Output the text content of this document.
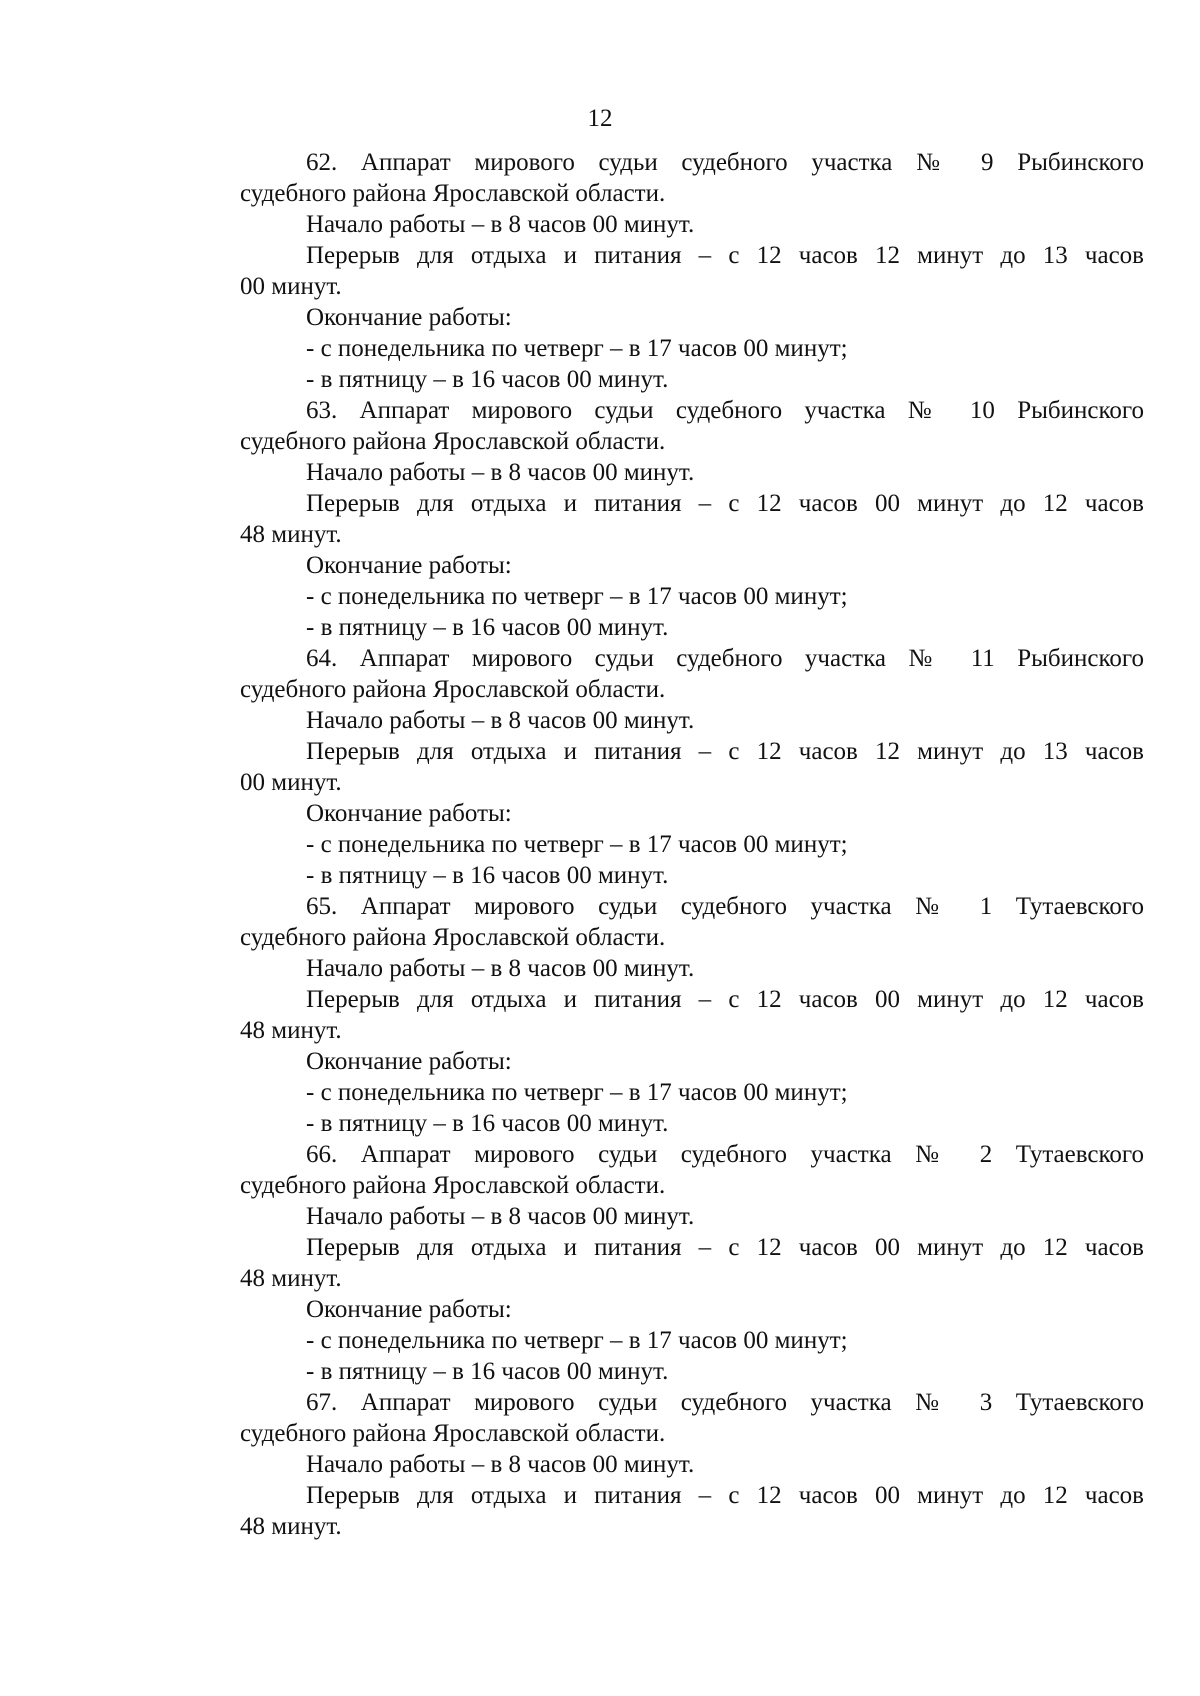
12
62. Аппарат мирового судьи судебного участка № 9 Рыбинского
судебного района Ярославской области.
Начало работы – в 8 часов 00 минут.
Перерыв для отдыха и питания – с 12 часов 12 минут до 13 часов
00 минут.
Окончание работы:
- с понедельника по четверг – в 17 часов 00 минут;
- в пятницу – в 16 часов 00 минут.
63. Аппарат мирового судьи судебного участка № 10 Рыбинского
судебного района Ярославской области.
Начало работы – в 8 часов 00 минут.
Перерыв для отдыха и питания – с 12 часов 00 минут до 12 часов
48 минут.
Окончание работы:
- с понедельника по четверг – в 17 часов 00 минут;
- в пятницу – в 16 часов 00 минут.
64. Аппарат мирового судьи судебного участка № 11 Рыбинского
судебного района Ярославской области.
Начало работы – в 8 часов 00 минут.
Перерыв для отдыха и питания – с 12 часов 12 минут до 13 часов
00 минут.
Окончание работы:
- с понедельника по четверг – в 17 часов 00 минут;
- в пятницу – в 16 часов 00 минут.
65. Аппарат мирового судьи судебного участка № 1 Тутаевского
судебного района Ярославской области.
Начало работы – в 8 часов 00 минут.
Перерыв для отдыха и питания – с 12 часов 00 минут до 12 часов
48 минут.
Окончание работы:
- с понедельника по четверг – в 17 часов 00 минут;
- в пятницу – в 16 часов 00 минут.
66. Аппарат мирового судьи судебного участка № 2 Тутаевского
судебного района Ярославской области.
Начало работы – в 8 часов 00 минут.
Перерыв для отдыха и питания – с 12 часов 00 минут до 12 часов
48 минут.
Окончание работы:
- с понедельника по четверг – в 17 часов 00 минут;
- в пятницу – в 16 часов 00 минут.
67. Аппарат мирового судьи судебного участка № 3 Тутаевского
судебного района Ярославской области.
Начало работы – в 8 часов 00 минут.
Перерыв для отдыха и питания – с 12 часов 00 минут до 12 часов
48 минут.
